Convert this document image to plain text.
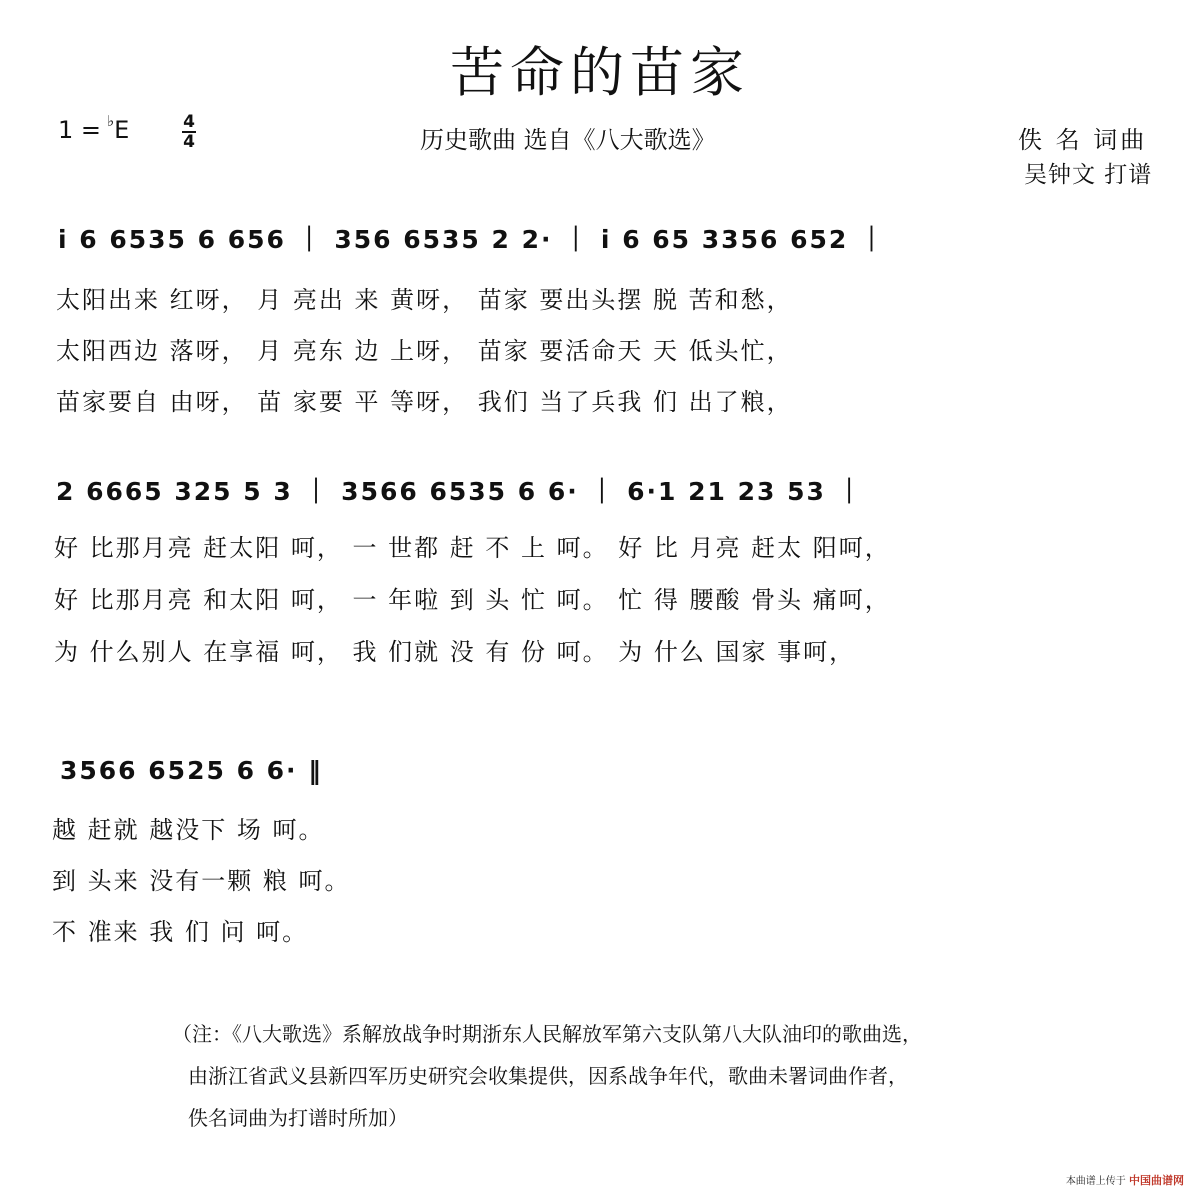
苦命的苗家
1 = ♭E	4
4	历史歌曲 选自《八大歌选》	佚 名 词曲
吴钟文 打谱
i̇ 6 6535 6 656 ｜ 356 6535 2 2· ｜ i̇ 6 65 3356 652 ｜
太阳出来 红呀， 月 亮出 来 黄呀， 苗家 要出头摆 脱 苦和愁，
太阳西边 落呀， 月 亮东 边 上呀， 苗家 要活命天 天 低头忙，
苗家要自 由呀， 苗 家要 平 等呀， 我们 当了兵我 们 出了粮，
2 6665 325 5 3 ｜ 3566 6535 6 6· ｜ 6·1 21 23 53 ｜
好 比那月亮 赶太阳 呵， 一 世都 赶 不 上 呵。 好 比 月亮 赶太 阳呵，
好 比那月亮 和太阳 呵， 一 年啦 到 头 忙 呵。 忙 得 腰酸 骨头 痛呵，
为 什么别人 在享福 呵， 我 们就 没 有 份 呵。 为 什么 国家 事呵，
3566 6525 6 6· ‖
越 赶就 越没下 场 呵。
到 头来 没有一颗 粮 呵。
不 准来 我 们 问 呵。
（注：《八大歌选》系解放战争时期浙东人民解放军第六支队第八大队油印的歌曲选，
由浙江省武义县新四军历史研究会收集提供，因系战争年代，歌曲未署词曲作者，
佚名词曲为打谱时所加）
本曲谱上传于 中国曲谱网
